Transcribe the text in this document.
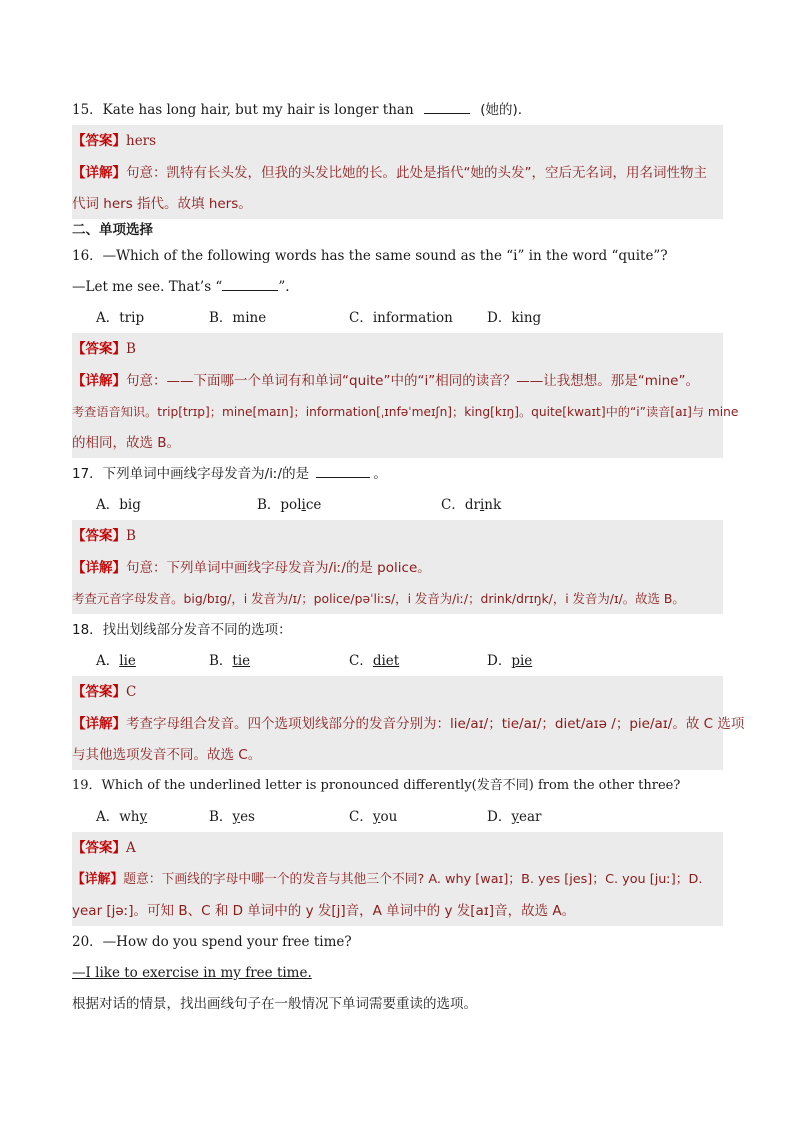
15．Kate has long hair, but my hair is longer than	(她的).
【答案】hers
【详解】句意：凯特有长头发，但我的头发比她的长。此处是指代“她的头发”，空后无名词，用名词性物主
代词 hers 指代。故填 hers。
二、单项选择
16．—Which of the following words has the same sound as the “i” in the word “quite”?
—Let me see. That’s “	”.
A．trip	B．mine	C．information	D．king
【答案】B
【详解】句意：——下面哪一个单词有和单词“quite”中的“i”相同的读音？——让我想想。那是“mine”。
考查语音知识。trip[trɪp]；mine[maɪn]；information[ˌɪnfəˈmeɪʃn]；king[kɪŋ]。quite[kwaɪt]中的“i”读音[aɪ]与 mine
的相同，故选 B。
17．下列单词中画线字母发音为/iː/的是	。
A．big	B．police	C．drink
【答案】B
【详解】句意：下列单词中画线字母发音为/iː/的是 police。
考查元音字母发音。big/bɪg/，i 发音为/ɪ/；police/pəˈliːs/，i 发音为/iː/；drink/drɪŋk/，i 发音为/ɪ/。故选 B。
18．找出划线部分发音不同的选项：
A．lie	B．tie	C．diet	D．pie
【答案】C
【详解】考查字母组合发音。四个选项划线部分的发音分别为：lie/aɪ/；tie/aɪ/；diet/aɪə /；pie/aɪ/。故 C 选项
与其他选项发音不同。故选 C。
19．Which of the underlined letter is pronounced differently(发音不同) from the other three?
A．why	B．yes	C．you	D．year
【答案】A
【详解】题意：下画线的字母中哪一个的发音与其他三个不同? A. why [waɪ]；B. yes [jes]；C. you [juː]；D.
year [jəː]。可知 B、C 和 D 单词中的 y 发[j]音，A 单词中的 y 发[aɪ]音，故选 A。
20．—How do you spend your free time?
—I like to exercise in my free time.
根据对话的情景，找出画线句子在一般情况下单词需要重读的选项。
